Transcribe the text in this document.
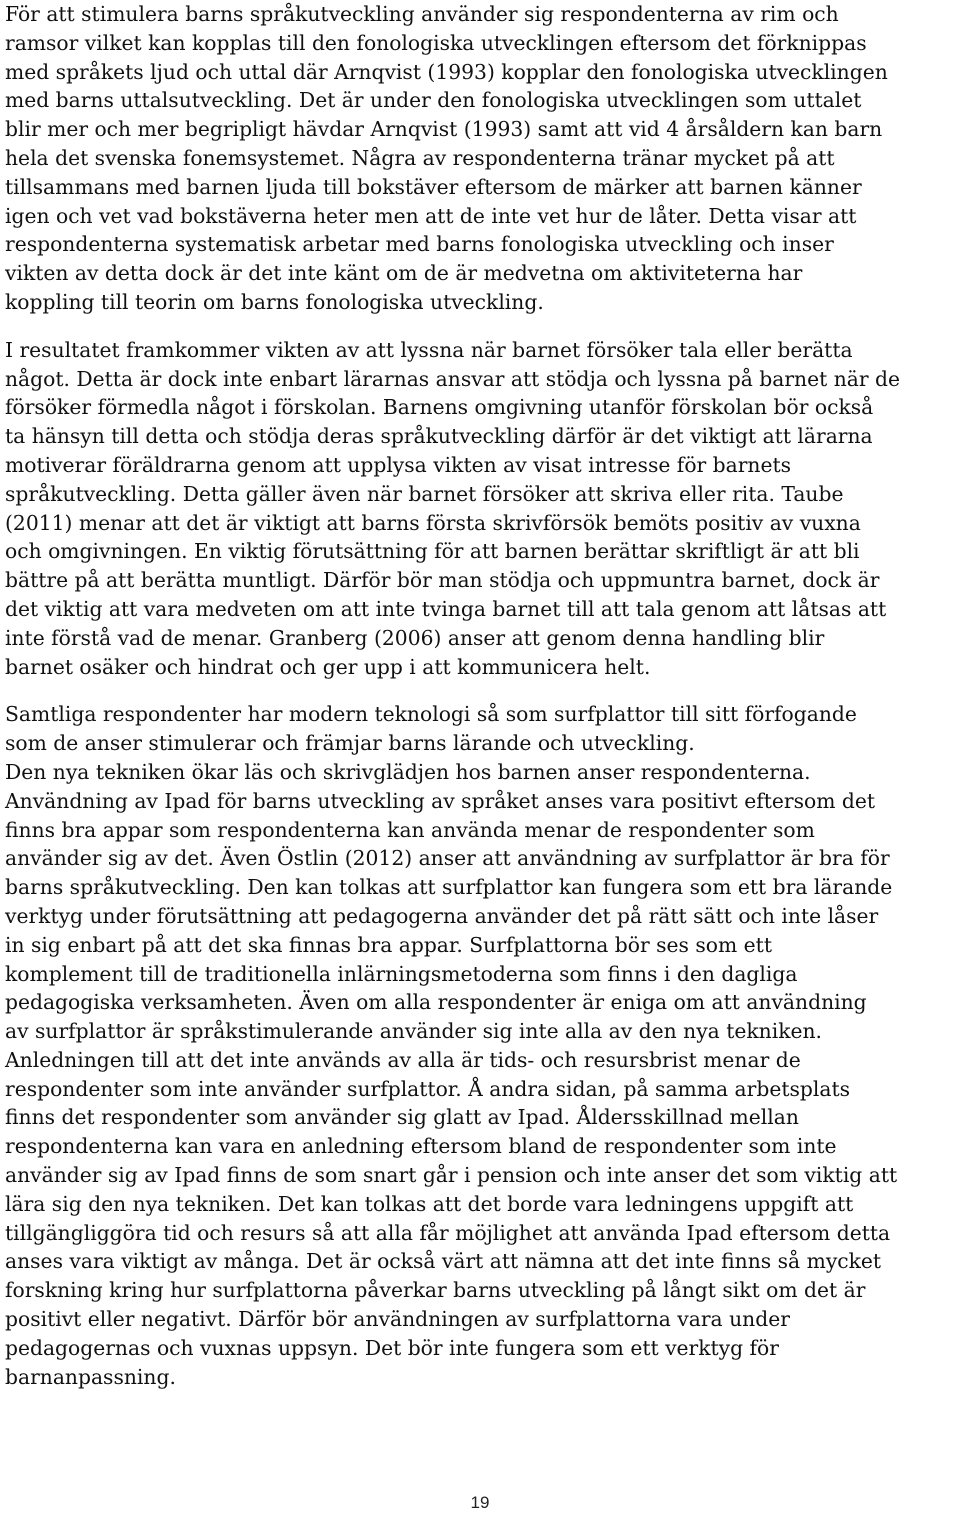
För att stimulera barns språkutveckling använder sig respondenterna av rim och
ramsor vilket kan kopplas till den fonologiska utvecklingen eftersom det förknippas
med språkets ljud och uttal där Arnqvist (1993) kopplar den fonologiska utvecklingen
med barns uttalsutveckling. Det är under den fonologiska utvecklingen som uttalet
blir mer och mer begripligt hävdar Arnqvist (1993) samt att vid 4 årsåldern kan barn
hela det svenska fonemsystemet. Några av respondenterna tränar mycket på att
tillsammans med barnen ljuda till bokstäver eftersom de märker att barnen känner
igen och vet vad bokstäverna heter men att de inte vet hur de låter. Detta visar att
respondenterna systematisk arbetar med barns fonologiska utveckling och inser
vikten av detta dock är det inte känt om de är medvetna om aktiviteterna har
koppling till teorin om barns fonologiska utveckling.
I resultatet framkommer vikten av att lyssna när barnet försöker tala eller berätta
något. Detta är dock inte enbart lärarnas ansvar att stödja och lyssna på barnet när de
försöker förmedla något i förskolan. Barnens omgivning utanför förskolan bör också
ta hänsyn till detta och stödja deras språkutveckling därför är det viktigt att lärarna
motiverar föräldrarna genom att upplysa vikten av visat intresse för barnets
språkutveckling. Detta gäller även när barnet försöker att skriva eller rita. Taube
(2011) menar att det är viktigt att barns första skrivförsök bemöts positiv av vuxna
och omgivningen. En viktig förutsättning för att barnen berättar skriftligt är att bli
bättre på att berätta muntligt. Därför bör man stödja och uppmuntra barnet, dock är
det viktig att vara medveten om att inte tvinga barnet till att tala genom att låtsas att
inte förstå vad de menar. Granberg (2006) anser att genom denna handling blir
barnet osäker och hindrat och ger upp i att kommunicera helt.
Samtliga respondenter har modern teknologi så som surfplattor till sitt förfogande
som de anser stimulerar och främjar barns lärande och utveckling.
Den nya tekniken ökar läs och skrivglädjen hos barnen anser respondenterna.
Användning av Ipad för barns utveckling av språket anses vara positivt eftersom det
finns bra appar som respondenterna kan använda menar de respondenter som
använder sig av det. Även Östlin (2012) anser att användning av surfplattor är bra för
barns språkutveckling. Den kan tolkas att surfplattor kan fungera som ett bra lärande
verktyg under förutsättning att pedagogerna använder det på rätt sätt och inte låser
in sig enbart på att det ska finnas bra appar. Surfplattorna bör ses som ett
komplement till de traditionella inlärningsmetoderna som finns i den dagliga
pedagogiska verksamheten. Även om alla respondenter är eniga om att användning
av surfplattor är språkstimulerande använder sig inte alla av den nya tekniken.
Anledningen till att det inte används av alla är tids- och resursbrist menar de
respondenter som inte använder surfplattor. Å andra sidan, på samma arbetsplats
finns det respondenter som använder sig glatt av Ipad. Åldersskillnad mellan
respondenterna kan vara en anledning eftersom bland de respondenter som inte
använder sig av Ipad finns de som snart går i pension och inte anser det som viktig att
lära sig den nya tekniken. Det kan tolkas att det borde vara ledningens uppgift att
tillgängliggöra tid och resurs så att alla får möjlighet att använda Ipad eftersom detta
anses vara viktigt av många. Det är också värt att nämna att det inte finns så mycket
forskning kring hur surfplattorna påverkar barns utveckling på långt sikt om det är
positivt eller negativt. Därför bör användningen av surfplattorna vara under
pedagogernas och vuxnas uppsyn. Det bör inte fungera som ett verktyg för
barnanpassning.
19
